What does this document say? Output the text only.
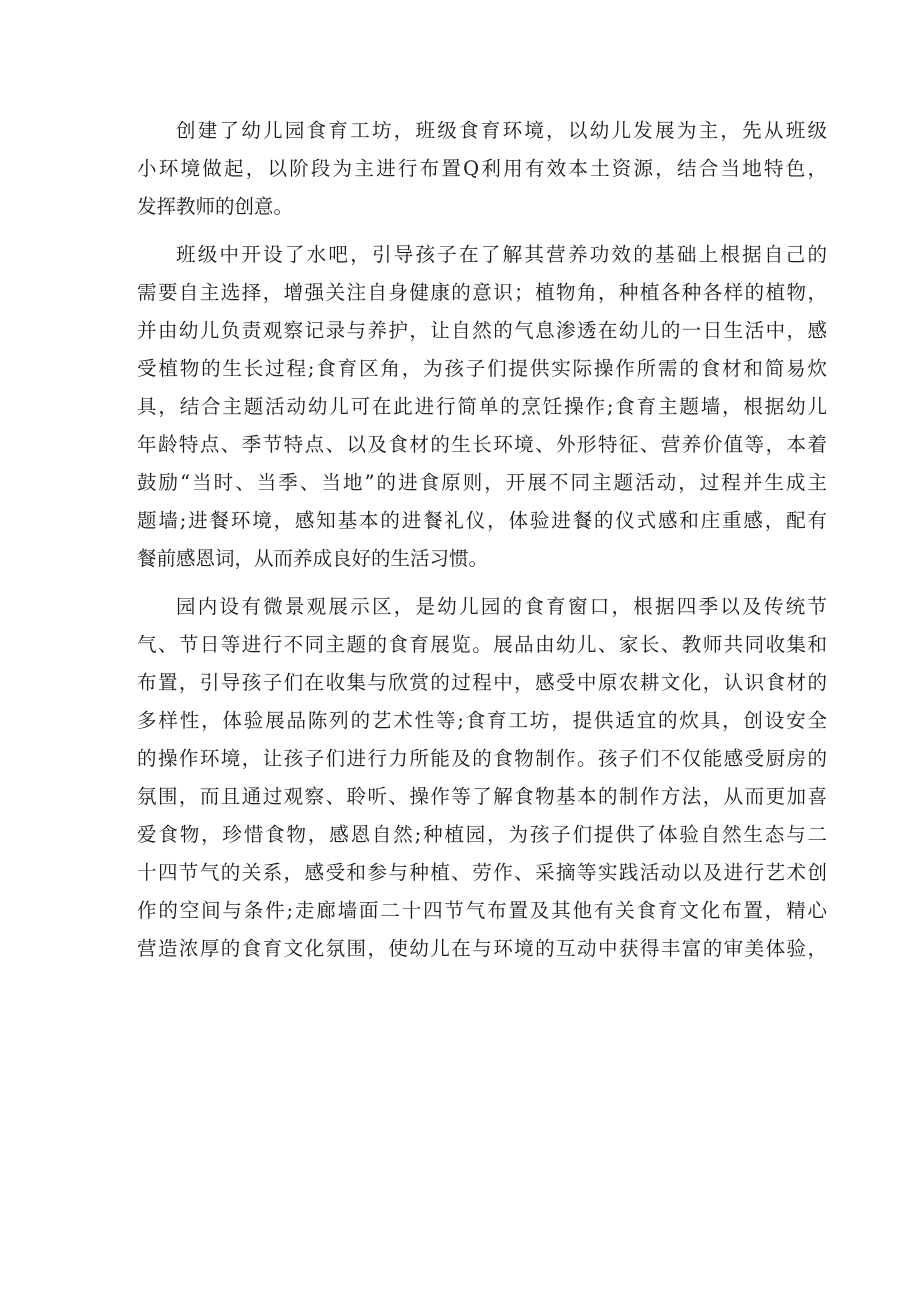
创建了幼儿园食育工坊，班级食育环境，以幼儿发展为主，先从班级
小环境做起，以阶段为主进行布置Q利用有效本土资源，结合当地特色，
发挥教师的创意。
班级中开设了水吧，引导孩子在了解其营养功效的基础上根据自己的
需要自主选择，增强关注自身健康的意识；植物角，种植各种各样的植物，
并由幼儿负责观察记录与养护，让自然的气息渗透在幼儿的一日生活中，感
受植物的生长过程;食育区角，为孩子们提供实际操作所需的食材和简易炊
具，结合主题活动幼儿可在此进行简单的烹饪操作;食育主题墙，根据幼儿
年龄特点、季节特点、以及食材的生长环境、外形特征、营养价值等，本着
鼓励“当时、当季、当地”的进食原则，开展不同主题活动，过程并生成主
题墙;进餐环境，感知基本的进餐礼仪，体验进餐的仪式感和庄重感，配有
餐前感恩词，从而养成良好的生活习惯。
园内设有微景观展示区，是幼儿园的食育窗口，根据四季以及传统节
气、节日等进行不同主题的食育展览。展品由幼儿、家长、教师共同收集和
布置，引导孩子们在收集与欣赏的过程中，感受中原农耕文化，认识食材的
多样性，体验展品陈列的艺术性等;食育工坊，提供适宜的炊具，创设安全
的操作环境，让孩子们进行力所能及的食物制作。孩子们不仅能感受厨房的
氛围，而且通过观察、聆听、操作等了解食物基本的制作方法，从而更加喜
爱食物，珍惜食物，感恩自然;种植园，为孩子们提供了体验自然生态与二
十四节气的关系，感受和参与种植、劳作、采摘等实践活动以及进行艺术创
作的空间与条件;走廊墙面二十四节气布置及其他有关食育文化布置，精心
营造浓厚的食育文化氛围，使幼儿在与环境的互动中获得丰富的审美体验，
